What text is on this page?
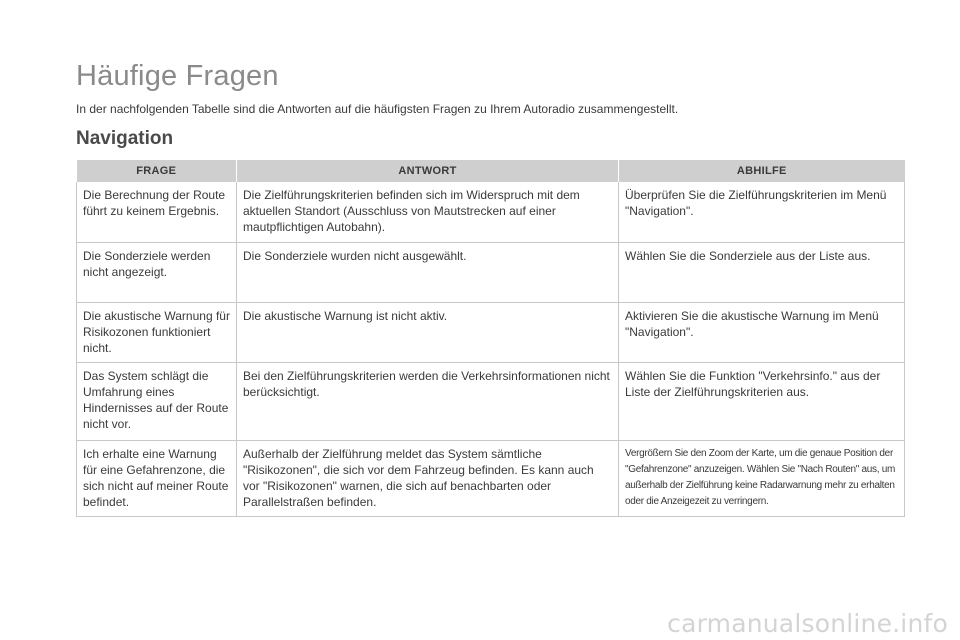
Häufige Fragen
In der nachfolgenden Tabelle sind die Antworten auf die häufigsten Fragen zu Ihrem Autoradio zusammengestellt.
Navigation
FRAGE	ANTWORT	ABHILFE
Die Berechnung der Route führt zu keinem Ergebnis.	Die Zielführungskriterien befinden sich im Widerspruch mit dem aktuellen Standort (Ausschluss von Mautstrecken auf einer mautpflichtigen Autobahn).	Überprüfen Sie die Zielführungskriterien im Menü "Navigation".
Die Sonderziele werden nicht angezeigt.	Die Sonderziele wurden nicht ausgewählt.	Wählen Sie die Sonderziele aus der Liste aus.
Die akustische Warnung für Risikozonen funktioniert nicht.	Die akustische Warnung ist nicht aktiv.	Aktivieren Sie die akustische Warnung im Menü "Navigation".
Das System schlägt die Umfahrung eines Hindernisses auf der Route nicht vor.	Bei den Zielführungskriterien werden die Verkehrsinformationen nicht berücksichtigt.	Wählen Sie die Funktion "Verkehrsinfo." aus der Liste der Zielführungskriterien aus.
Ich erhalte eine Warnung für eine Gefahrenzone, die sich nicht auf meiner Route befindet.	Außerhalb der Zielführung meldet das System sämtliche "Risikozonen", die sich vor dem Fahrzeug befinden. Es kann auch vor "Risikozonen" warnen, die sich auf benachbarten oder Parallelstraßen befinden.	Vergrößern Sie den Zoom der Karte, um die genaue Position der "Gefahrenzone" anzuzeigen. Wählen Sie "Nach Routen" aus, um außerhalb der Zielführung keine Radarwarnung mehr zu erhalten oder die Anzeigezeit zu verringern.
carmanualsonline.info
